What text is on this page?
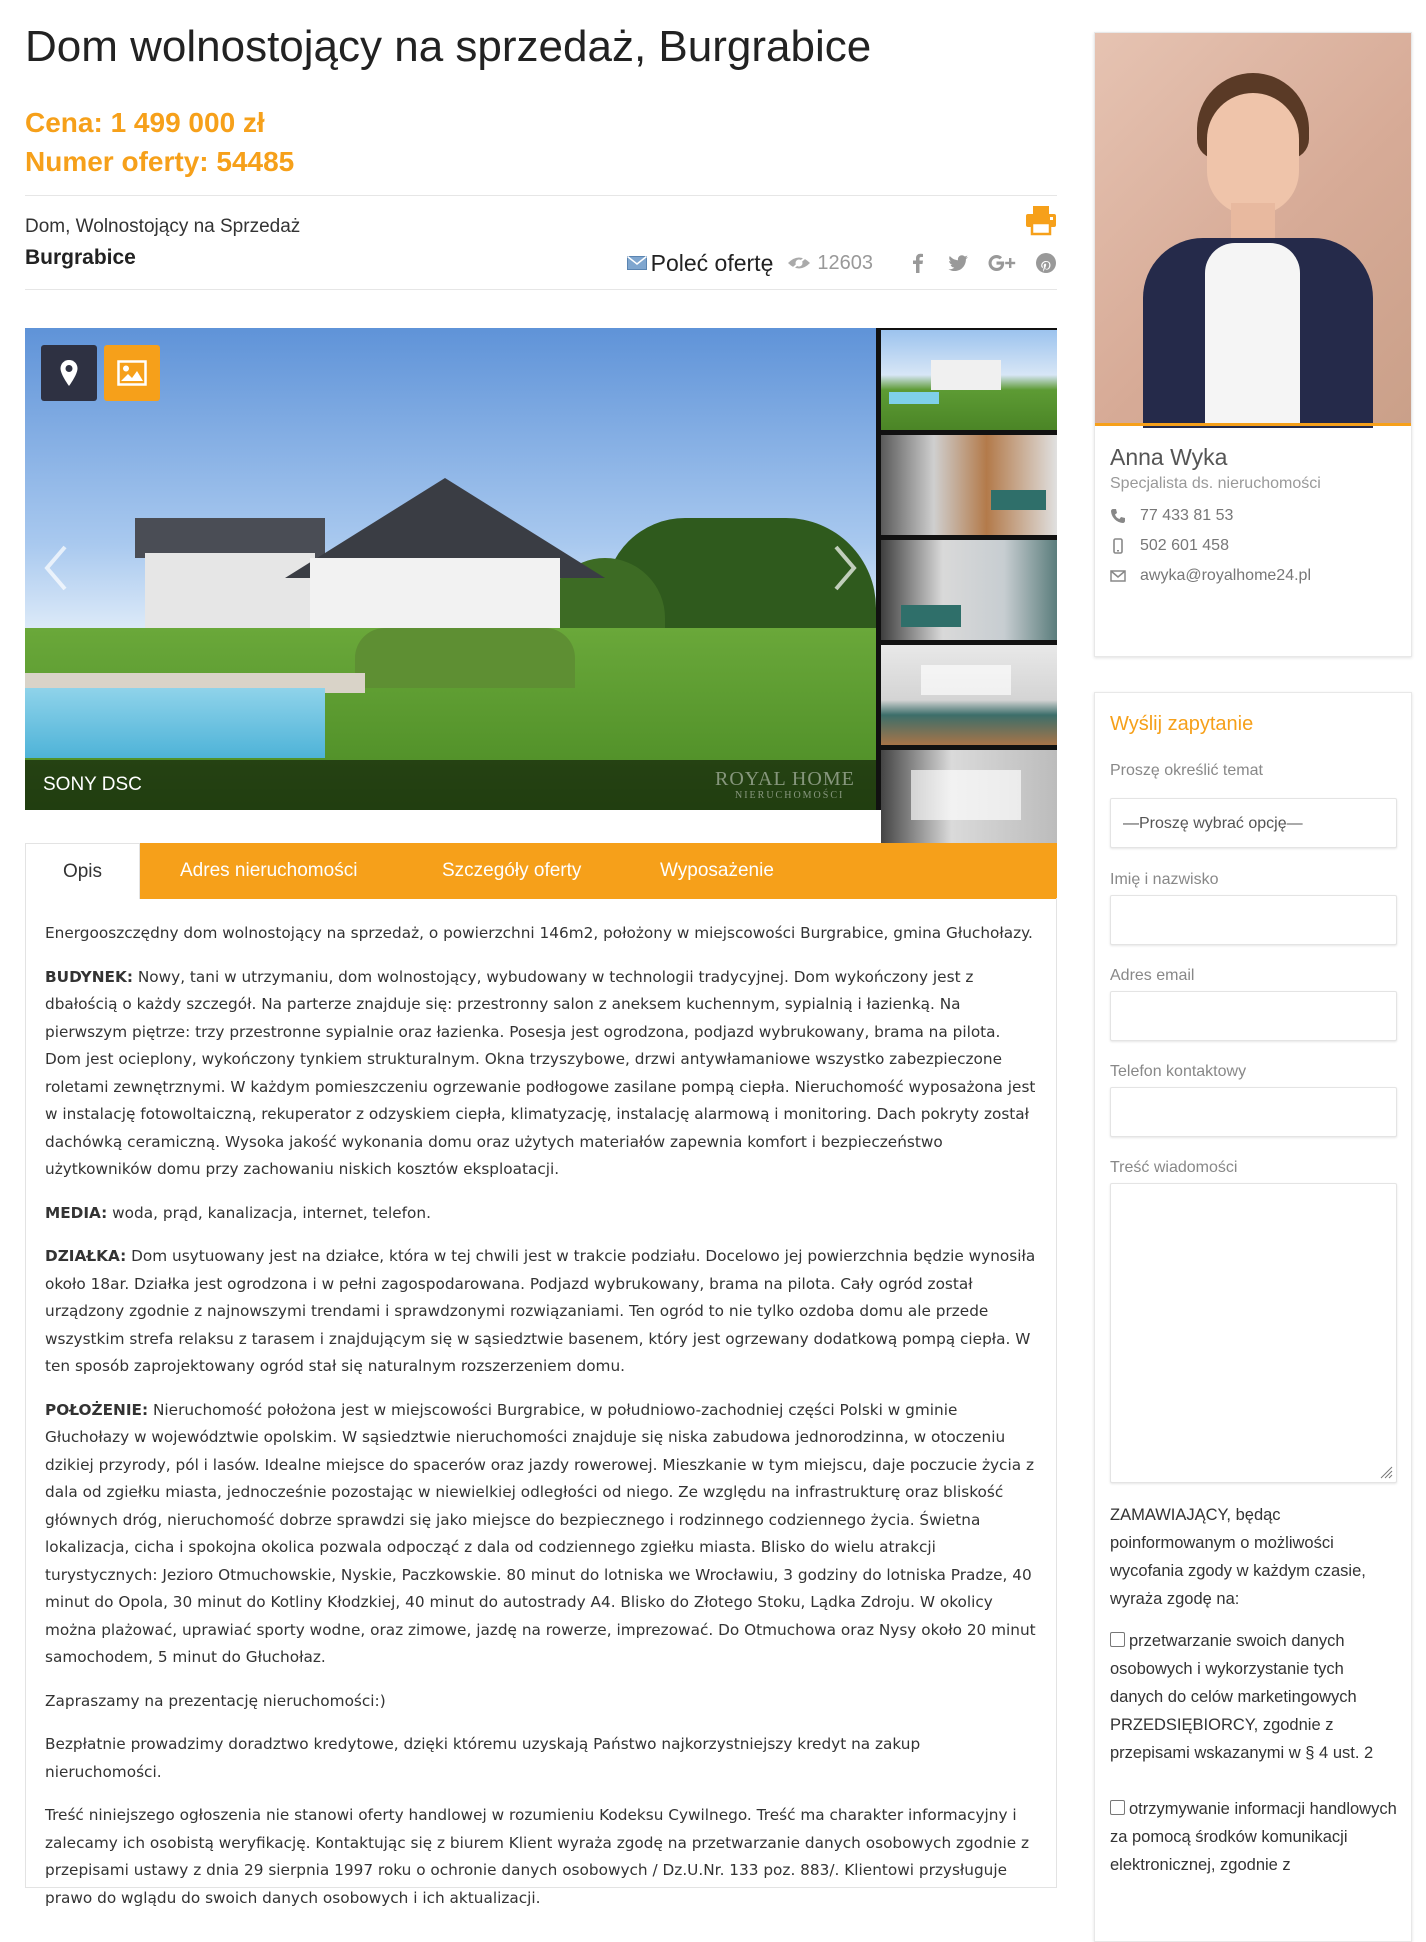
Dom wolnostojący na sprzedaż, Burgrabice
Cena: 1 499 000 zł
Numer oferty: 54485
Dom, Wolnostojący na Sprzedaż
Burgrabice	Poleć ofertę 12603
SONY DSC	ROYAL HOME
NIERUCHOMOŚCI
Opis	Adres nieruchomości	Szczegóły oferty	Wyposażenie

Energooszczędny dom wolnostojący na sprzedaż, o powierzchni 146m2, położony w miejscowości Burgrabice, gmina Głuchołazy.

BUDYNEK: Nowy, tani w utrzymaniu, dom wolnostojący, wybudowany w technologii tradycyjnej. Dom wykończony jest z dbałością o każdy szczegół. Na parterze znajduje się: przestronny salon z aneksem kuchennym, sypialnią i łazienką. Na pierwszym piętrze: trzy przestronne sypialnie oraz łazienka. Posesja jest ogrodzona, podjazd wybrukowany, brama na pilota. Dom jest ocieplony, wykończony tynkiem strukturalnym. Okna trzyszybowe, drzwi antywłamaniowe wszystko zabezpieczone roletami zewnętrznymi. W każdym pomieszczeniu ogrzewanie podłogowe zasilane pompą ciepła. Nieruchomość wyposażona jest w instalację fotowoltaiczną, rekuperator z odzyskiem ciepła, klimatyzację, instalację alarmową i monitoring. Dach pokryty został dachówką ceramiczną. Wysoka jakość wykonania domu oraz użytych materiałów zapewnia komfort i bezpieczeństwo użytkowników domu przy zachowaniu niskich kosztów eksploatacji.

MEDIA: woda, prąd, kanalizacja, internet, telefon.

DZIAŁKA: Dom usytuowany jest na działce, która w tej chwili jest w trakcie podziału. Docelowo jej powierzchnia będzie wynosiła około 18ar. Działka jest ogrodzona i w pełni zagospodarowana. Podjazd wybrukowany, brama na pilota. Cały ogród został urządzony zgodnie z najnowszymi trendami i sprawdzonymi rozwiązaniami. Ten ogród to nie tylko ozdoba domu ale przede wszystkim strefa relaksu z tarasem i znajdującym się w sąsiedztwie basenem, który jest ogrzewany dodatkową pompą ciepła. W ten sposób zaprojektowany ogród stał się naturalnym rozszerzeniem domu.

POŁOŻENIE: Nieruchomość położona jest w miejscowości Burgrabice, w południowo-zachodniej części Polski w gminie Głuchołazy w województwie opolskim. W sąsiedztwie nieruchomości znajduje się niska zabudowa jednorodzinna, w otoczeniu dzikiej przyrody, pól i lasów. Idealne miejsce do spacerów oraz jazdy rowerowej. Mieszkanie w tym miejscu, daje poczucie życia z dala od zgiełku miasta, jednocześnie pozostając w niewielkiej odległości od niego. Ze względu na infrastrukturę oraz bliskość głównych dróg, nieruchomość dobrze sprawdzi się jako miejsce do bezpiecznego i rodzinnego codziennego życia. Świetna lokalizacja, cicha i spokojna okolica pozwala odpocząć z dala od codziennego zgiełku miasta. Blisko do wielu atrakcji turystycznych: Jezioro Otmuchowskie, Nyskie, Paczkowskie. 80 minut do lotniska we Wrocławiu, 3 godziny do lotniska Pradze, 40 minut do Opola, 30 minut do Kotliny Kłodzkiej, 40 minut do autostrady A4. Blisko do Złotego Stoku, Lądka Zdroju. W okolicy można plażować, uprawiać sporty wodne, oraz zimowe, jazdę na rowerze, imprezować. Do Otmuchowa oraz Nysy około 20 minut samochodem, 5 minut do Głuchołaz.

Zapraszamy na prezentację nieruchomości:)

Bezpłatnie prowadzimy doradztwo kredytowe, dzięki któremu uzyskają Państwo najkorzystniejszy kredyt na zakup nieruchomości.

Treść niniejszego ogłoszenia nie stanowi oferty handlowej w rozumieniu Kodeksu Cywilnego. Treść ma charakter informacyjny i zalecamy ich osobistą weryfikację. Kontaktując się z biurem Klient wyraża zgodę na przetwarzanie danych osobowych zgodnie z przepisami ustawy z dnia 29 sierpnia 1997 roku o ochronie danych osobowych / Dz.U.Nr. 133 poz. 883/. Klientowi przysługuje prawo do wglądu do swoich danych osobowych i ich aktualizacji.

Anna Wyka
Specjalista ds. nieruchomości
77 433 81 53
502 601 458
awyka@royalhome24.pl
Wyślij zapytanie
Proszę określić temat
—Proszę wybrać opcję—
Imię i nazwisko
Adres email
Telefon kontaktowy
Treść wiadomości
ZAMAWIAJĄCY, będąc poinformowanym o możliwości wycofania zgody w każdym czasie, wyraża zgodę na:
przetwarzanie swoich danych osobowych i wykorzystanie tych danych do celów marketingowych PRZEDSIĘBIORCY, zgodnie z przepisami wskazanymi w § 4 ust. 2
otrzymywanie informacji handlowych za pomocą środków komunikacji elektronicznej, zgodnie z
